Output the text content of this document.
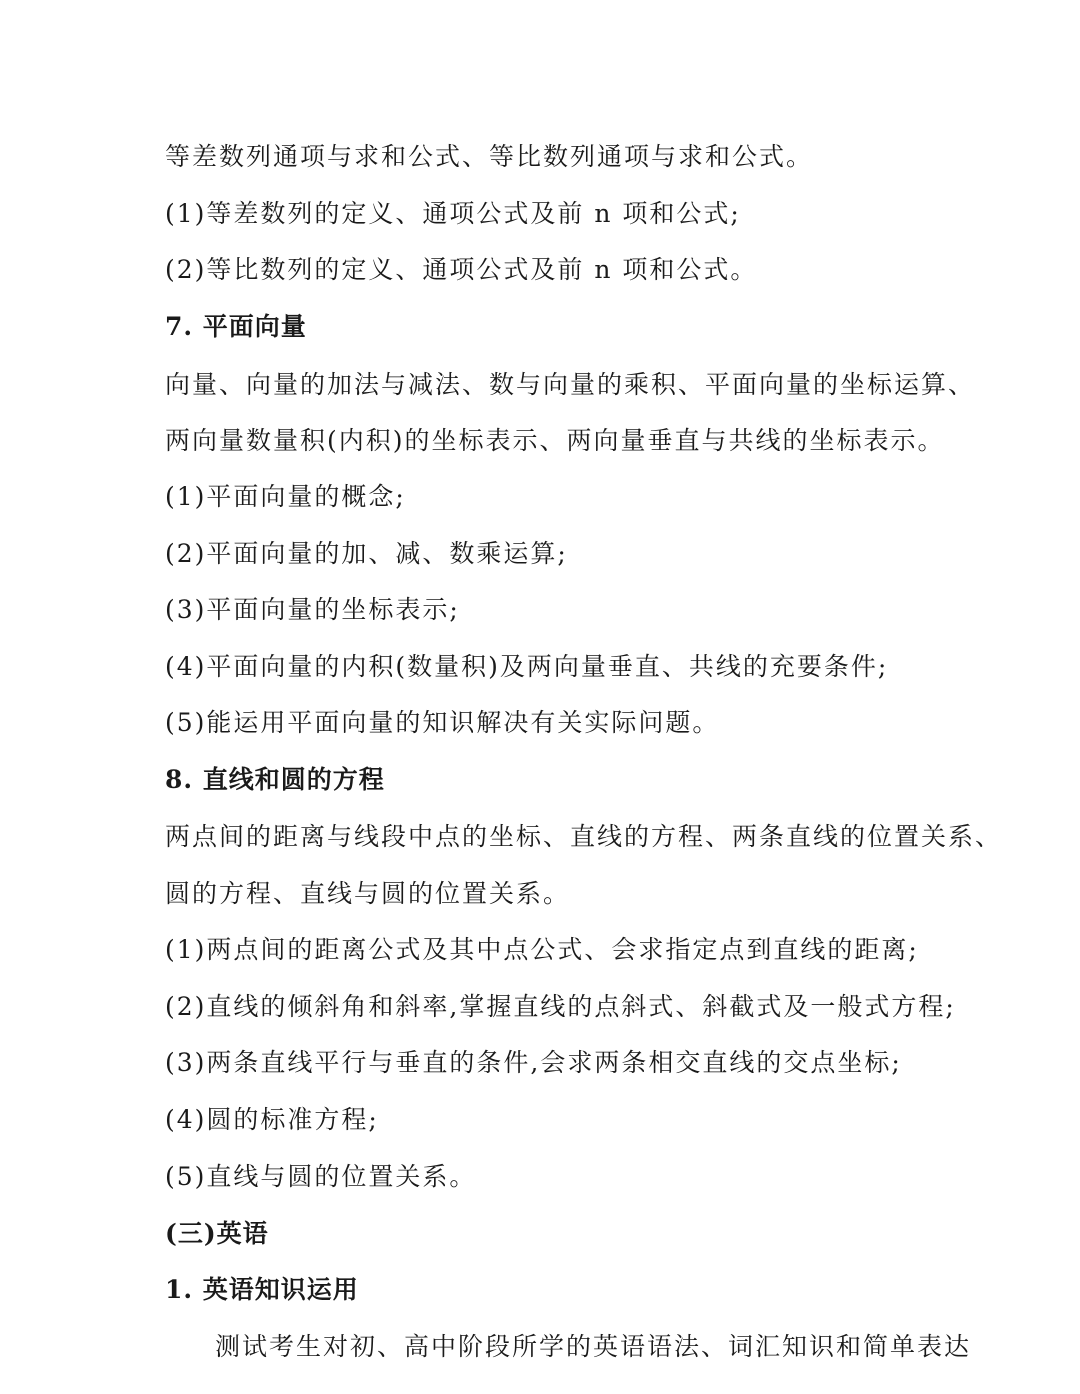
等差数列通项与求和公式、等比数列通项与求和公式。
(1)等差数列的定义、通项公式及前 n 项和公式;
(2)等比数列的定义、通项公式及前 n 项和公式。
7. 平面向量
向量、向量的加法与减法、数与向量的乘积、平面向量的坐标运算、
两向量数量积(内积)的坐标表示、两向量垂直与共线的坐标表示。
(1)平面向量的概念;
(2)平面向量的加、减、数乘运算;
(3)平面向量的坐标表示;
(4)平面向量的内积(数量积)及两向量垂直、共线的充要条件;
(5)能运用平面向量的知识解决有关实际问题。
8. 直线和圆的方程
两点间的距离与线段中点的坐标、直线的方程、两条直线的位置关系、
圆的方程、直线与圆的位置关系。
(1)两点间的距离公式及其中点公式、会求指定点到直线的距离;
(2)直线的倾斜角和斜率,掌握直线的点斜式、斜截式及一般式方程;
(3)两条直线平行与垂直的条件,会求两条相交直线的交点坐标;
(4)圆的标准方程;
(5)直线与圆的位置关系。
(三)英语
1. 英语知识运用
测试考生对初、高中阶段所学的英语语法、词汇知识和简单表达
